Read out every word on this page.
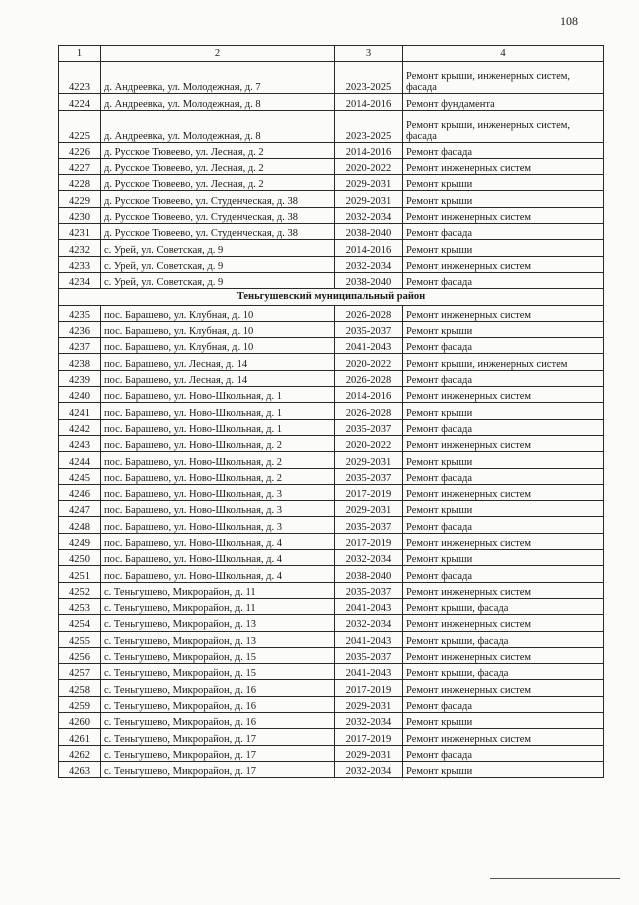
108
1	2	3	4
4223	д. Андреевка, ул. Молодежная, д. 7	2023-2025	Ремонт крыши, инженерных систем, фасада
4224	д. Андреевка, ул. Молодежная, д. 8	2014-2016	Ремонт фундамента
4225	д. Андреевка, ул. Молодежная, д. 8	2023-2025	Ремонт крыши, инженерных систем, фасада
4226	д. Русское Тювеево, ул. Лесная, д. 2	2014-2016	Ремонт фасада
4227	д. Русское Тювеево, ул. Лесная, д. 2	2020-2022	Ремонт инженерных систем
4228	д. Русское Тювеево, ул. Лесная, д. 2	2029-2031	Ремонт крыши
4229	д. Русское Тювеево, ул. Студенческая, д. 38	2029-2031	Ремонт крыши
4230	д. Русское Тювеево, ул. Студенческая, д. 38	2032-2034	Ремонт инженерных систем
4231	д. Русское Тювеево, ул. Студенческая, д. 38	2038-2040	Ремонт фасада
4232	с. Урей, ул. Советская, д. 9	2014-2016	Ремонт крыши
4233	с. Урей, ул. Советская, д. 9	2032-2034	Ремонт инженерных систем
4234	с. Урей, ул. Советская, д. 9	2038-2040	Ремонт фасада
Теньгушевский муниципальный район			
4235	пос. Барашево, ул. Клубная, д. 10	2026-2028	Ремонт инженерных систем
4236	пос. Барашево, ул. Клубная, д. 10	2035-2037	Ремонт крыши
4237	пос. Барашево, ул. Клубная, д. 10	2041-2043	Ремонт фасада
4238	пос. Барашево, ул. Лесная, д. 14	2020-2022	Ремонт крыши, инженерных систем
4239	пос. Барашево, ул. Лесная, д. 14	2026-2028	Ремонт фасада
4240	пос. Барашево, ул. Ново-Школьная, д. 1	2014-2016	Ремонт инженерных систем
4241	пос. Барашево, ул. Ново-Школьная, д. 1	2026-2028	Ремонт крыши
4242	пос. Барашево, ул. Ново-Школьная, д. 1	2035-2037	Ремонт фасада
4243	пос. Барашево, ул. Ново-Школьная, д. 2	2020-2022	Ремонт инженерных систем
4244	пос. Барашево, ул. Ново-Школьная, д. 2	2029-2031	Ремонт крыши
4245	пос. Барашево, ул. Ново-Школьная, д. 2	2035-2037	Ремонт фасада
4246	пос. Барашево, ул. Ново-Школьная, д. 3	2017-2019	Ремонт инженерных систем
4247	пос. Барашево, ул. Ново-Школьная, д. 3	2029-2031	Ремонт крыши
4248	пос. Барашево, ул. Ново-Школьная, д. 3	2035-2037	Ремонт фасада
4249	пос. Барашево, ул. Ново-Школьная, д. 4	2017-2019	Ремонт инженерных систем
4250	пос. Барашево, ул. Ново-Школьная, д. 4	2032-2034	Ремонт крыши
4251	пос. Барашево, ул. Ново-Школьная, д. 4	2038-2040	Ремонт фасада
4252	с. Теньгушево, Микрорайон, д. 11	2035-2037	Ремонт инженерных систем
4253	с. Теньгушево, Микрорайон, д. 11	2041-2043	Ремонт крыши, фасада
4254	с. Теньгушево, Микрорайон, д. 13	2032-2034	Ремонт инженерных систем
4255	с. Теньгушево, Микрорайон, д. 13	2041-2043	Ремонт крыши, фасада
4256	с. Теньгушево, Микрорайон, д. 15	2035-2037	Ремонт инженерных систем
4257	с. Теньгушево, Микрорайон, д. 15	2041-2043	Ремонт крыши, фасада
4258	с. Теньгушево, Микрорайон, д. 16	2017-2019	Ремонт инженерных систем
4259	с. Теньгушево, Микрорайон, д. 16	2029-2031	Ремонт фасада
4260	с. Теньгушево, Микрорайон, д. 16	2032-2034	Ремонт крыши
4261	с. Теньгушево, Микрорайон, д. 17	2017-2019	Ремонт инженерных систем
4262	с. Теньгушево, Микрорайон, д. 17	2029-2031	Ремонт фасада
4263	с. Теньгушево, Микрорайон, д. 17	2032-2034	Ремонт крыши
